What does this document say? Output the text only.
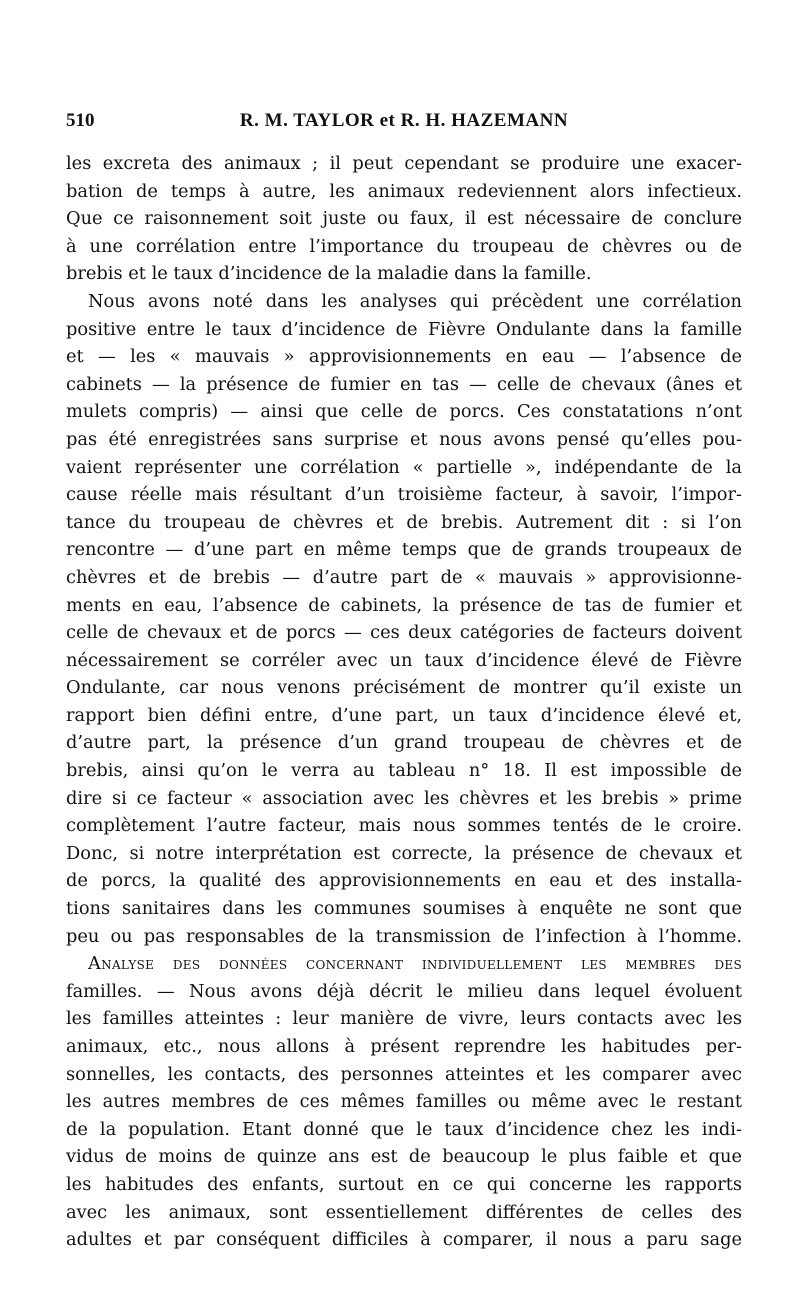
510	R. M. TAYLOR et R. H. HAZEMANN
les excreta des animaux ; il peut cependant se produire une exacer-
bation de temps à autre, les animaux redeviennent alors infectieux.
Que ce raisonnement soit juste ou faux, il est nécessaire de conclure
à une corrélation entre l’importance du troupeau de chèvres ou de
brebis et le taux d’incidence de la maladie dans la famille.
Nous avons noté dans les analyses qui précèdent une corrélation
positive entre le taux d’incidence de Fièvre Ondulante dans la famille
et — les « mauvais » approvisionnements en eau — l’absence de
cabinets — la présence de fumier en tas — celle de chevaux (ânes et
mulets compris) — ainsi que celle de porcs. Ces constatations n’ont
pas été enregistrées sans surprise et nous avons pensé qu’elles pou-
vaient représenter une corrélation « partielle », indépendante de la
cause réelle mais résultant d’un troisième facteur, à savoir, l’impor-
tance du troupeau de chèvres et de brebis. Autrement dit : si l’on
rencontre — d’une part en même temps que de grands troupeaux de
chèvres et de brebis — d’autre part de « mauvais » approvisionne-
ments en eau, l’absence de cabinets, la présence de tas de fumier et
celle de chevaux et de porcs — ces deux catégories de facteurs doivent
nécessairement se corréler avec un taux d’incidence élevé de Fièvre
Ondulante, car nous venons précisément de montrer qu’il existe un
rapport bien défini entre, d’une part, un taux d’incidence élevé et,
d’autre part, la présence d’un grand troupeau de chèvres et de
brebis, ainsi qu’on le verra au tableau n° 18. Il est impossible de
dire si ce facteur « association avec les chèvres et les brebis » prime
complètement l’autre facteur, mais nous sommes tentés de le croire.
Donc, si notre interprétation est correcte, la présence de chevaux et
de porcs, la qualité des approvisionnements en eau et des installa-
tions sanitaires dans les communes soumises à enquête ne sont que
peu ou pas responsables de la transmission de l’infection à l’homme.
Analyse des données concernant individuellement les membres des
familles. — Nous avons déjà décrit le milieu dans lequel évoluent
les familles atteintes : leur manière de vivre, leurs contacts avec les
animaux, etc., nous allons à présent reprendre les habitudes per-
sonnelles, les contacts, des personnes atteintes et les comparer avec
les autres membres de ces mêmes familles ou même avec le restant
de la population. Etant donné que le taux d’incidence chez les indi-
vidus de moins de quinze ans est de beaucoup le plus faible et que
les habitudes des enfants, surtout en ce qui concerne les rapports
avec les animaux, sont essentiellement différentes de celles des
adultes et par conséquent difficiles à comparer, il nous a paru sage
